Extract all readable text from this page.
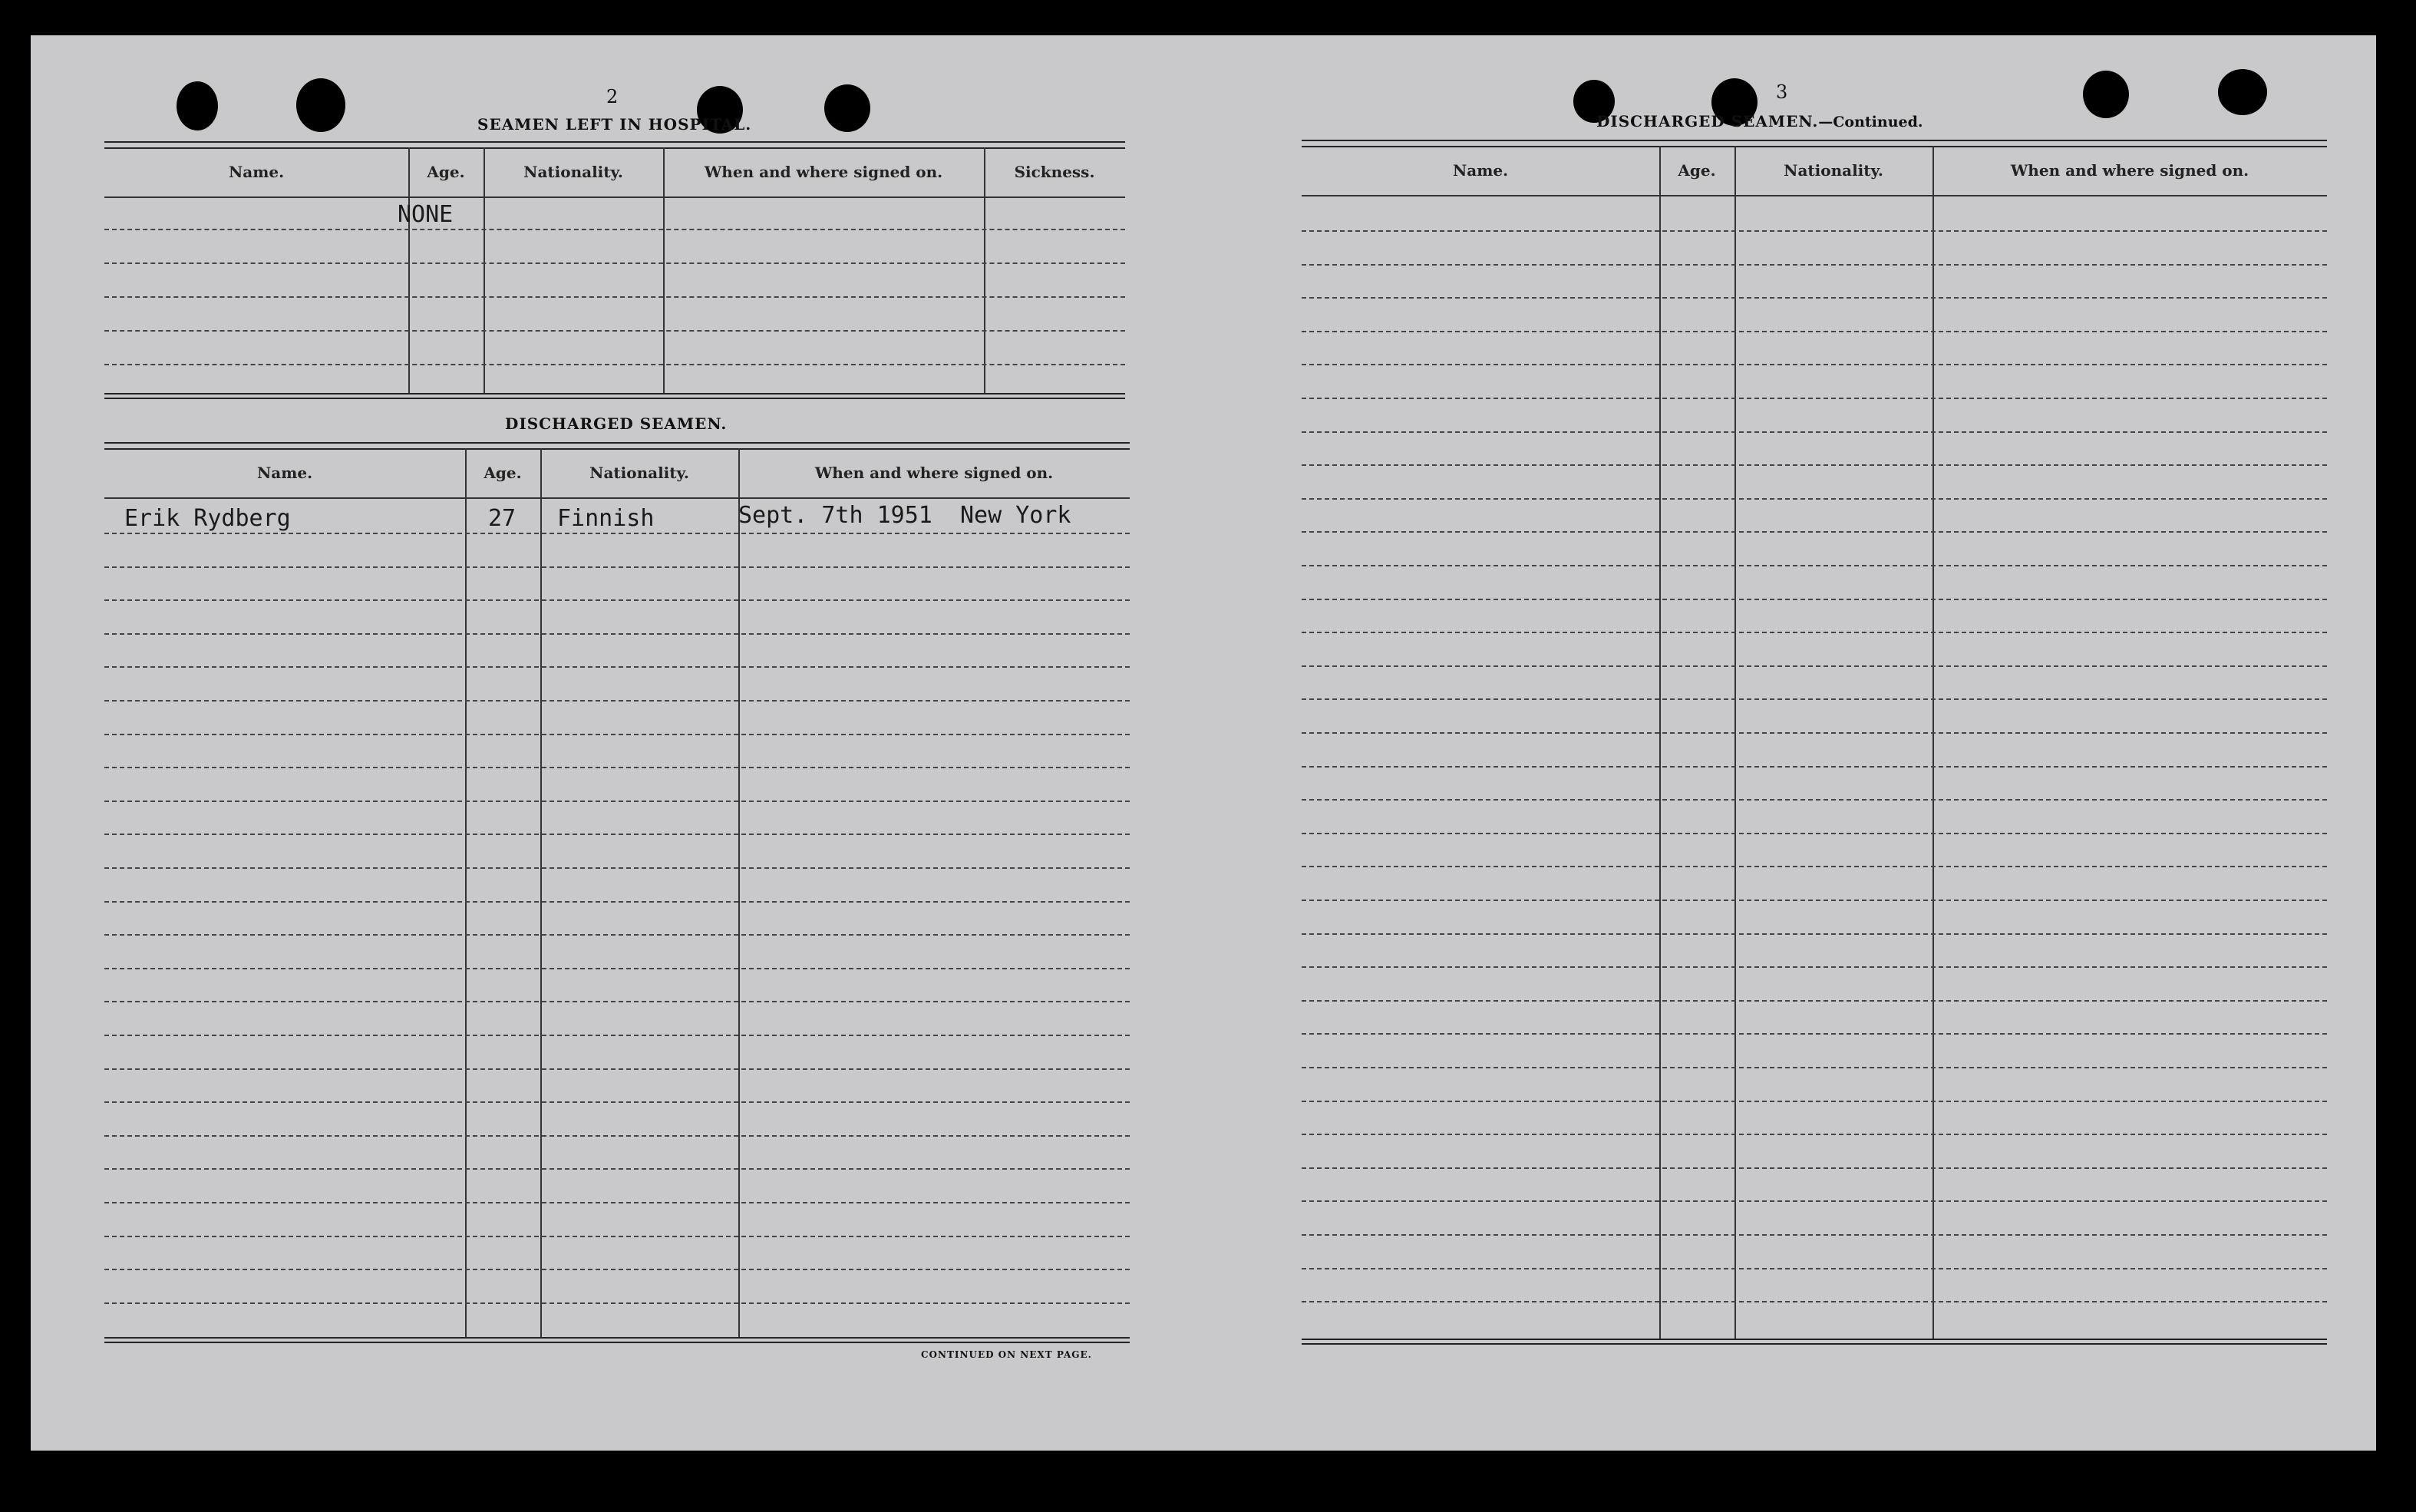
2
SEAMEN LEFT IN HOSPITAL.
Name.	Age.	Nationality.	When and where signed on.	Sickness.
NONE
DISCHARGED SEAMEN.
Name.	Age.	Nationality.	When and where signed on.
Erik Rydberg	27 Finnish	Sept. 7th 1951  New York
CONTINUED ON NEXT PAGE.
3
DISCHARGED SEAMEN.—Continued.
Name.	Age.	Nationality.	When and where signed on.
